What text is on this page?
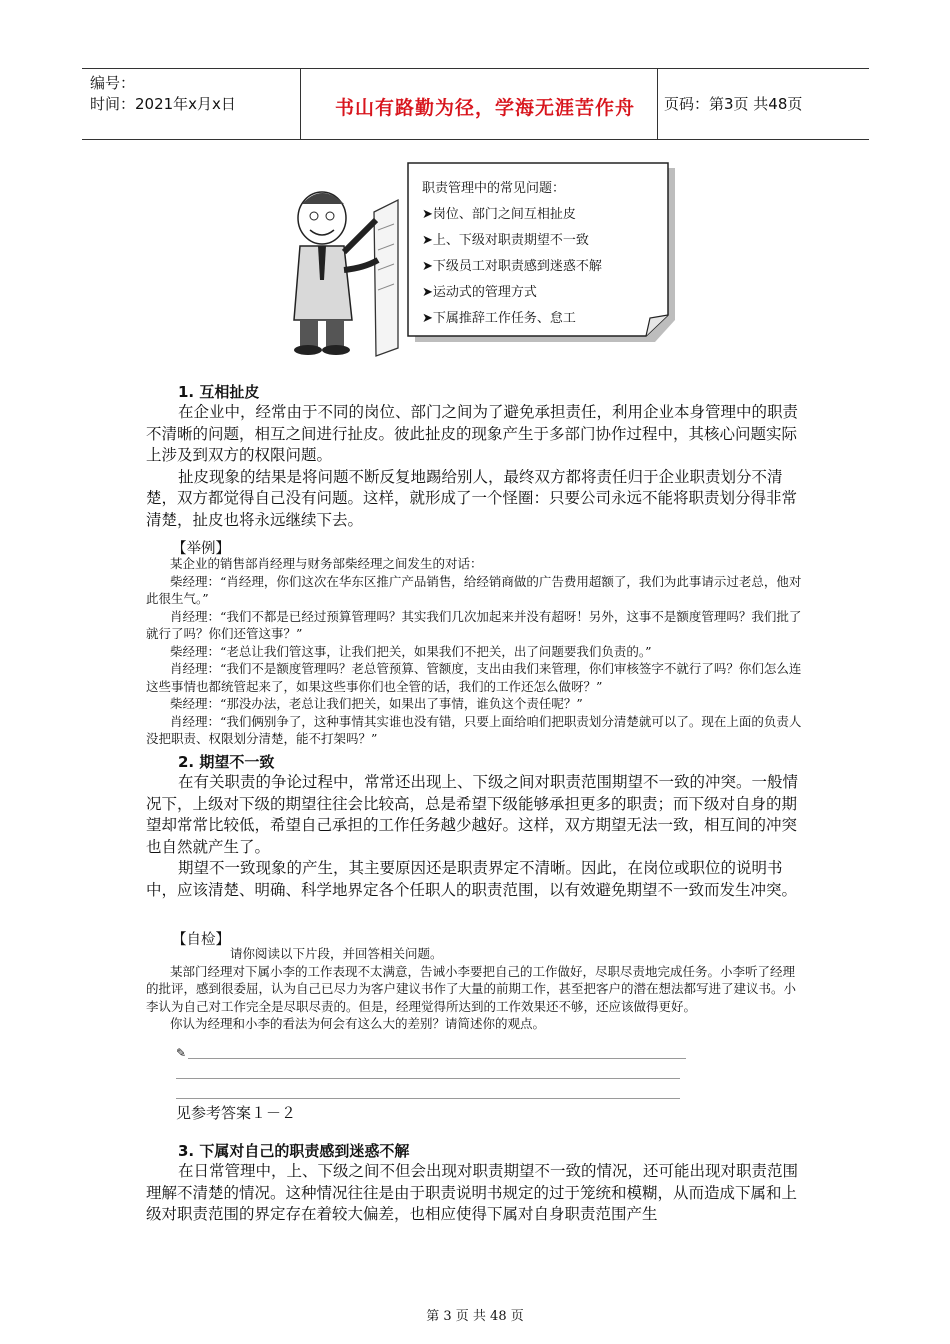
编号：
时间：2021年x月x日	书山有路勤为径，学海无涯苦作舟	页码：第3页 共48页
职责管理中的常见问题：
➤岗位、部门之间互相扯皮
➤上、下级对职责期望不一致
➤下级员工对职责感到迷惑不解
➤运动式的管理方式
➤下属推辞工作任务、怠工
1. 互相扯皮

在企业中，经常由于不同的岗位、部门之间为了避免承担责任，利用企业本身管理中的职责不清晰的问题，相互之间进行扯皮。彼此扯皮的现象产生于多部门协作过程中，其核心问题实际上涉及到双方的权限问题。

扯皮现象的结果是将问题不断反复地踢给别人，最终双方都将责任归于企业职责划分不清楚，双方都觉得自己没有问题。这样，就形成了一个怪圈：只要公司永远不能将职责划分得非常清楚，扯皮也将永远继续下去。

【举例】

某企业的销售部肖经理与财务部柴经理之间发生的对话：

柴经理：“肖经理，你们这次在华东区推广产品销售，给经销商做的广告费用超额了，我们为此事请示过老总，他对此很生气。”

肖经理：“我们不都是已经过预算管理吗？其实我们几次加起来并没有超呀！另外，这事不是额度管理吗？我们批了就行了吗？你们还管这事？”

柴经理：“老总让我们管这事，让我们把关，如果我们不把关，出了问题要我们负责的。”

肖经理：“我们不是额度管理吗？老总管预算、管额度，支出由我们来管理，你们审核签字不就行了吗？你们怎么连这些事情也都统管起来了，如果这些事你们也全管的话，我们的工作还怎么做呀？”

柴经理：“那没办法，老总让我们把关，如果出了事情，谁负这个责任呢？”

肖经理：“我们俩别争了，这种事情其实谁也没有错，只要上面给咱们把职责划分清楚就可以了。现在上面的负责人没把职责、权限划分清楚，能不打架吗？”

2. 期望不一致

在有关职责的争论过程中，常常还出现上、下级之间对职责范围期望不一致的冲突。一般情况下，上级对下级的期望往往会比较高，总是希望下级能够承担更多的职责；而下级对自身的期望却常常比较低，希望自己承担的工作任务越少越好。这样，双方期望无法一致，相互间的冲突也自然就产生了。

期望不一致现象的产生，其主要原因还是职责界定不清晰。因此，在岗位或职位的说明书中，应该清楚、明确、科学地界定各个任职人的职责范围，以有效避免期望不一致而发生冲突。

【自检】

请你阅读以下片段，并回答相关问题。

某部门经理对下属小李的工作表现不太满意，告诫小李要把自己的工作做好，尽职尽责地完成任务。小李听了经理的批评，感到很委屈，认为自己已尽力为客户建议书作了大量的前期工作，甚至把客户的潜在想法都写进了建议书。小李认为自己对工作完全是尽职尽责的。但是，经理觉得所达到的工作效果还不够，还应该做得更好。

你认为经理和小李的看法为何会有这么大的差别？请简述你的观点。

✎
见参考答案１－２
3. 下属对自己的职责感到迷惑不解

在日常管理中，上、下级之间不但会出现对职责期望不一致的情况，还可能出现对职责范围理解不清楚的情况。这种情况往往是由于职责说明书规定的过于笼统和模糊，从而造成下属和上级对职责范围的界定存在着较大偏差，也相应使得下属对自身职责范围产生

第 3 页 共 48 页
